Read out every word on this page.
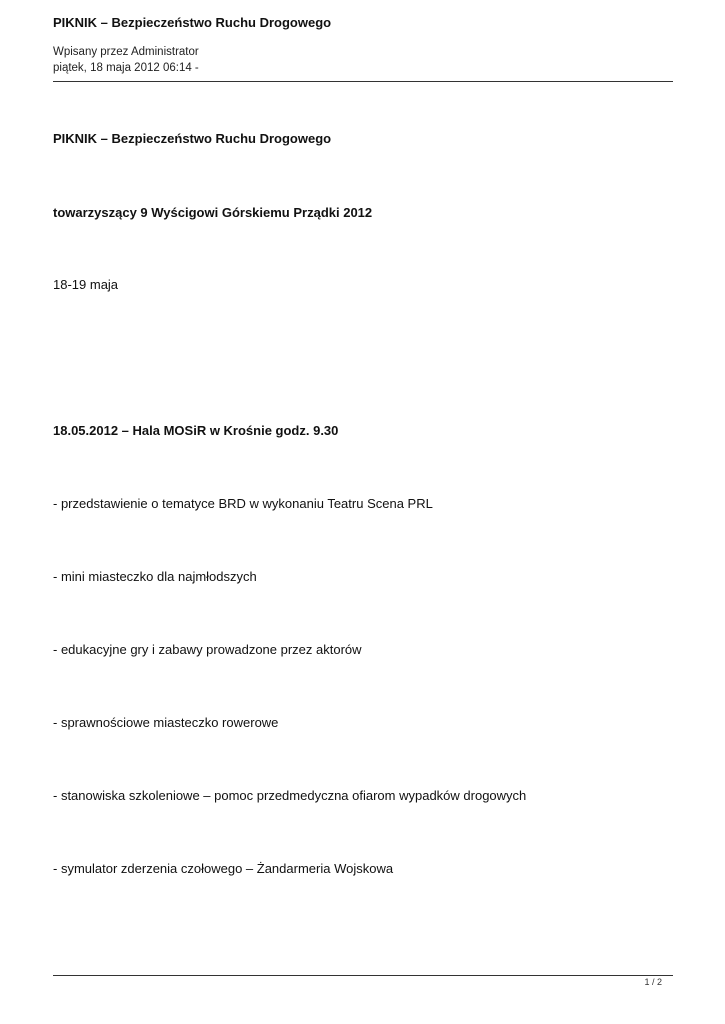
PIKNIK – Bezpieczeństwo Ruchu Drogowego
Wpisany przez Administrator
piątek, 18 maja 2012 06:14 -
PIKNIK – Bezpieczeństwo Ruchu Drogowego
towarzyszący 9 Wyścigowi Górskiemu Prządki 2012
18-19 maja
18.05.2012 – Hala MOSiR w Krośnie godz. 9.30
- przedstawienie o tematyce BRD w wykonaniu Teatru Scena PRL
- mini miasteczko dla najmłodszych
- edukacyjne gry i zabawy prowadzone przez aktorów
- sprawnościowe miasteczko rowerowe
- stanowiska szkoleniowe – pomoc przedmedyczna ofiarom wypadków drogowych
- symulator zderzenia czołowego – Żandarmeria Wojskowa
1 / 2
